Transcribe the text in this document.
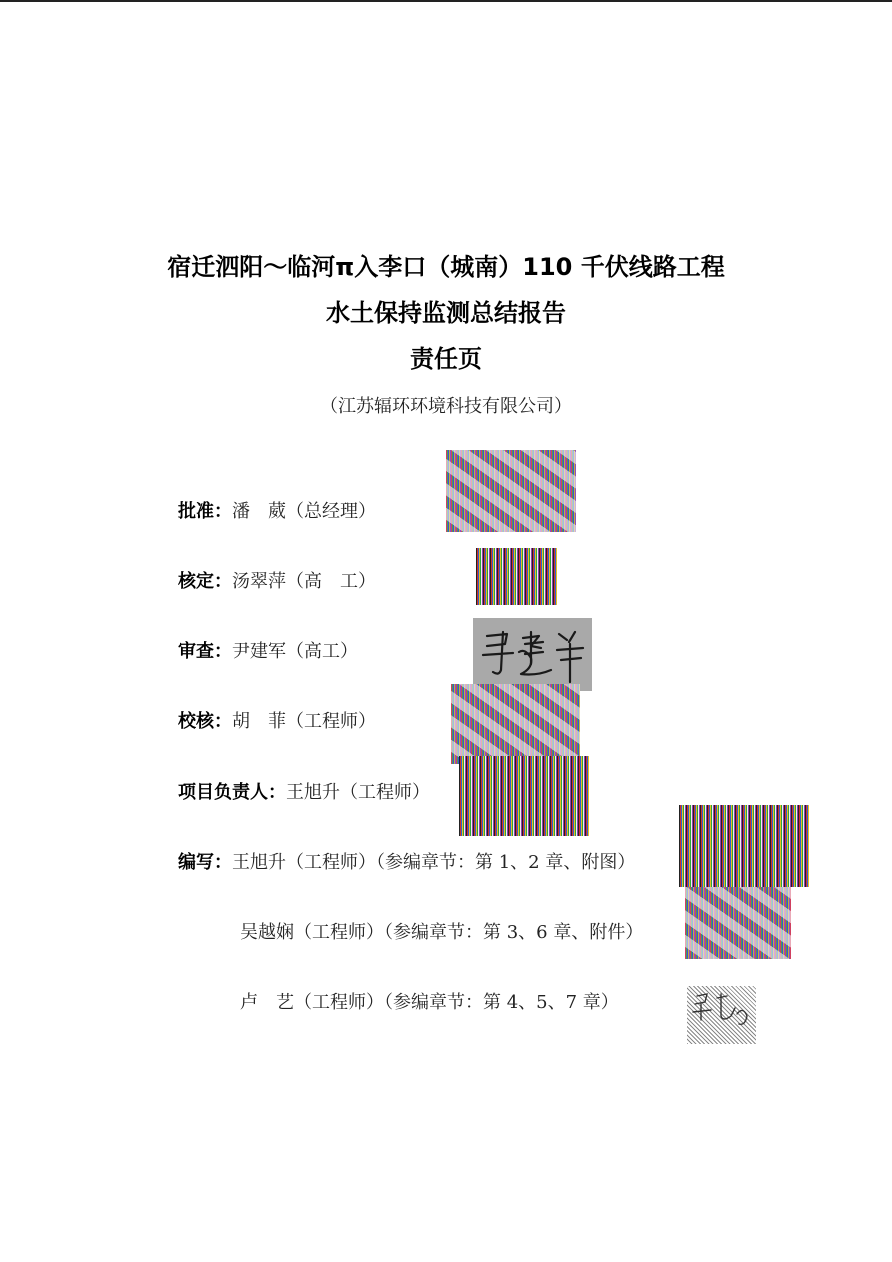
宿迁泗阳～临河π入李口（城南）110 千伏线路工程
水土保持监测总结报告
责任页
（江苏辐环环境科技有限公司）
批准：潘　葳（总经理）
核定：汤翠萍（高　工）
审查：尹建军（高工）
校核：胡　菲（工程师）
项目负责人：王旭升（工程师）
编写：王旭升（工程师）（参编章节：第 1、2 章、附图）
吴越娴（工程师）（参编章节：第 3、6 章、附件）
卢　艺（工程师）（参编章节：第 4、5、7 章）
